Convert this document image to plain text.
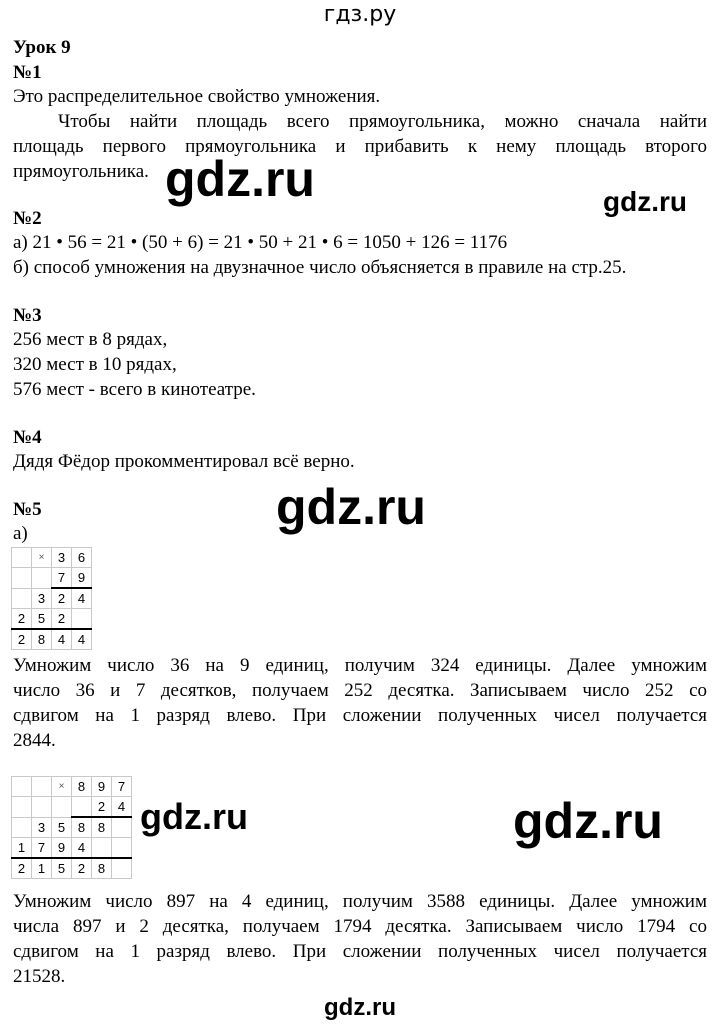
гдз.ру
Урок 9
№1
Это распределительное свойство умножения.
Чтобы найти площадь всего прямоугольника, можно сначала найти
площадь первого прямоугольника и прибавить к нему площадь второго
прямоугольника. gdz.ru	gdz.ru
№2
а) 21 • 56 = 21 • (50 + 6) = 21 • 50 + 21 • 6 = 1050 + 126 = 1176
б) способ умножения на двузначное число объясняется в правиле на стр.25.
№3
256 мест в 8 рядах,
320 мест в 10 рядах,
576 мест - всего в кинотеатре.
№4
Дядя Фёдор прокомментировал всё верно.
№5
а)	gdz.ru
	×	3	6
		7	9
	3	2	4
2	5	2	
2	8	4	4
Умножим число 36 на 9 единиц, получим 324 единицы. Далее умножим
число 36 и 7 десятков, получаем 252 десятка. Записываем число 252 со
сдвигом на 1 разряд влево. При сложении полученных чисел получается
2844.
		×	8	9	7
				2	4
	3	5	8	8	
1	7	9	4		
2	1	5	2	8	
gdz.ru	gdz.ru
Умножим число 897 на 4 единиц, получим 3588 единицы. Далее умножим
числа 897 и 2 десятка, получаем 1794 десятка. Записываем число 1794 со
сдвигом на 1 разряд влево. При сложении полученных чисел получается
21528.
gdz.ru
